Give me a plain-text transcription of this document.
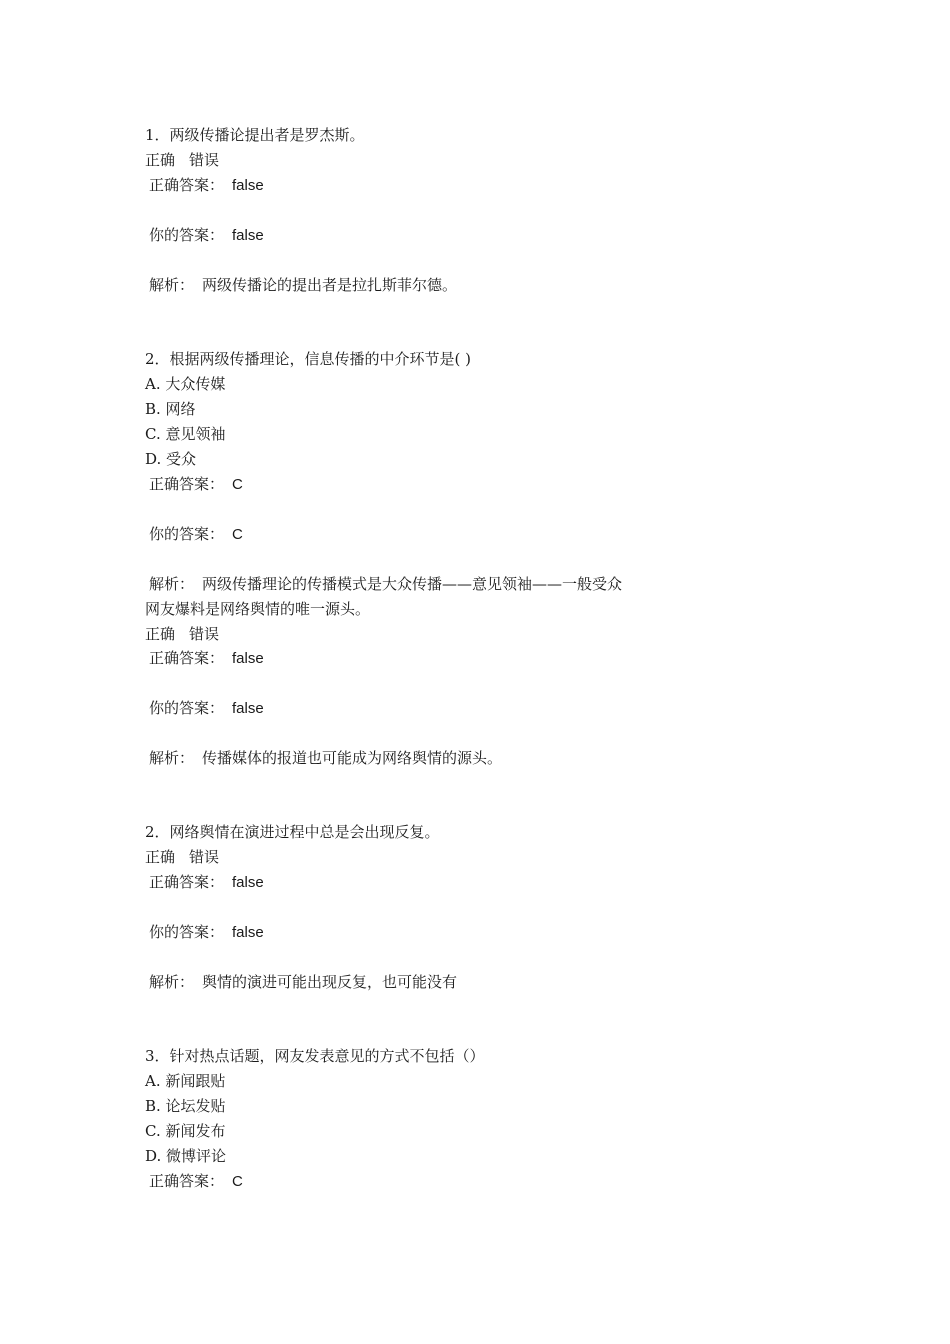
1．两级传播论提出者是罗杰斯。
正确 错误
正确答案： false
你的答案： false
解析： 两级传播论的提出者是拉扎斯菲尔德。
2．根据两级传播理论，信息传播的中介环节是( )
A. 大众传媒
B. 网络
C. 意见领袖
D. 受众
正确答案： C
你的答案： C
解析： 两级传播理论的传播模式是大众传播——意见领袖——一般受众
网友爆料是网络舆情的唯一源头。
正确 错误
正确答案： false
你的答案： false
解析： 传播媒体的报道也可能成为网络舆情的源头。
2．网络舆情在演进过程中总是会出现反复。
正确 错误
正确答案： false
你的答案： false
解析： 舆情的演进可能出现反复，也可能没有
3．针对热点话题，网友发表意见的方式不包括（）
A. 新闻跟贴
B. 论坛发贴
C. 新闻发布
D. 微博评论
正确答案： C
